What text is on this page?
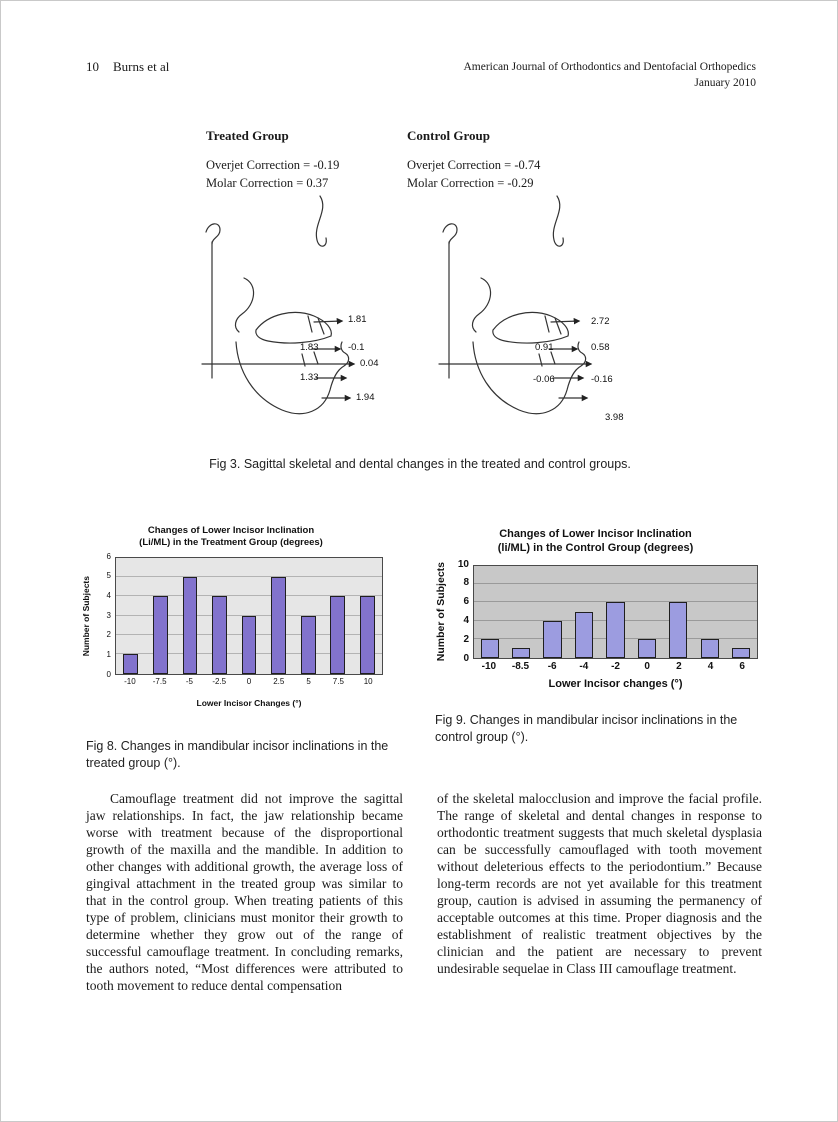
10 Burns et al	American Journal of Orthodontics and Dentofacial Orthopedics
January 2010
Treated Group	Control Group
Overjet Correction = -0.19
Molar Correction = 0.37
Overjet Correction = -0.74
Molar Correction = -0.29
1.81
1.83	-0.1
0.04
1.33
1.94
2.72
0.91	0.58
-0.06	-0.16
3.98
Fig 3. Sagittal skeletal and dental changes in the treated and control groups.
Changes of Lower Incisor Inclination
(Li/ML) in the Treatment Group (degrees)
Number of Subjects
0
1
2
3
4
5
6
-10	-7.5	-5	-2.5	0	2.5	5	7.5	10
Lower Incisor Changes (°)
Changes of Lower Incisor Inclination
(li/ML) in the Control Group (degrees)
Number of Subjects 0
2
4
6
8
10
-10	-8.5	-6	-4	-2	0	2	4	6
Lower Incisor changes (°)
Fig 8. Changes in mandibular incisor inclinations in the treated group (°).
Fig 9. Changes in mandibular incisor inclinations in the control group (°).

Camouflage treatment did not improve the sagittal jaw relationships. In fact, the jaw relationship became worse with treatment because of the disproportional growth of the maxilla and the mandible. In addition to other changes with additional growth, the average loss of gingival attachment in the treated group was similar to that in the control group. When treating patients of this type of problem, clinicians must monitor their growth to determine whether they grow out of the range of successful camouflage treatment. In concluding remarks, the authors noted, “Most differences were attributed to tooth movement to reduce dental compensation

of the skeletal malocclusion and improve the facial profile. The range of skeletal and dental changes in response to orthodontic treatment suggests that much skeletal dysplasia can be successfully camouflaged with tooth movement without deleterious effects to the periodontium.” Because long-term records are not yet available for this treatment group, caution is advised in assuming the permanency of acceptable outcomes at this time. Proper diagnosis and the establishment of realistic treatment objectives by the clinician and the patient are necessary to prevent undesirable sequelae in Class III camouflage treatment.
